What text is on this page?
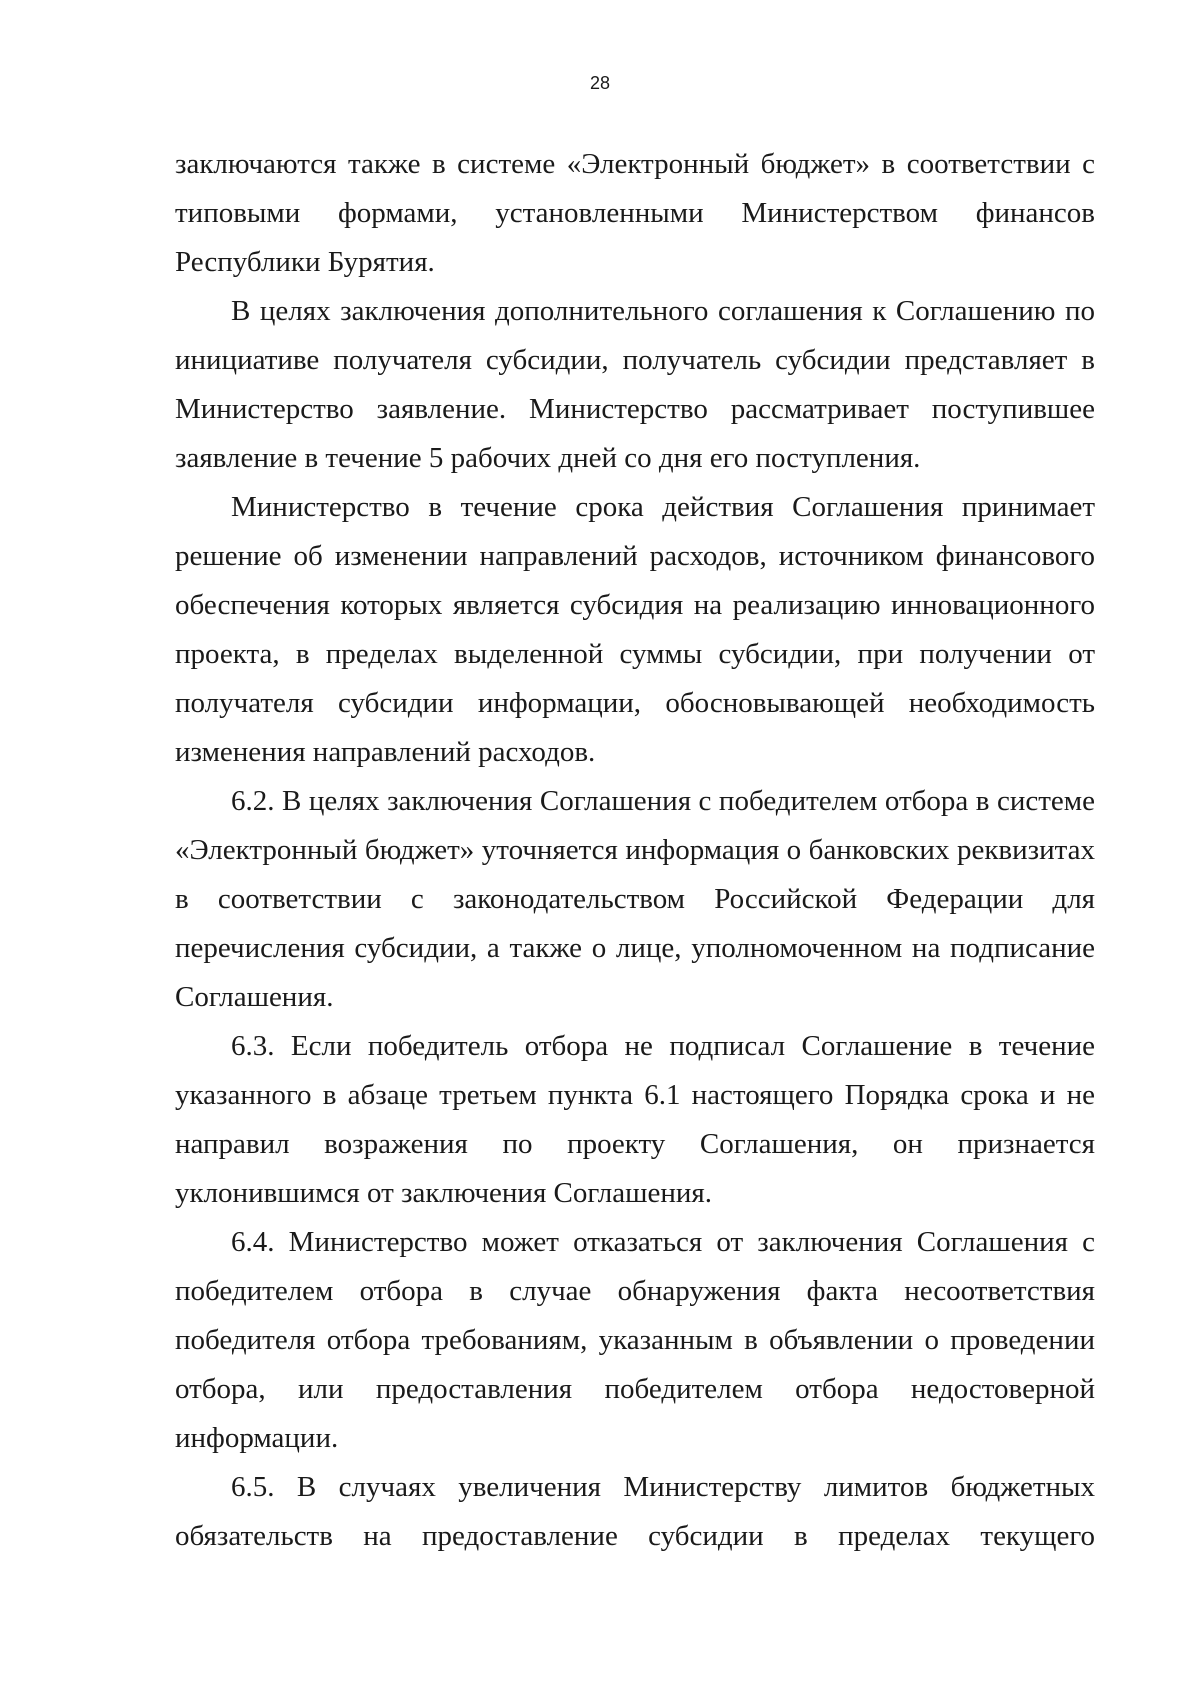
28

заключаются также в системе «Электронный бюджет» в соответствии с типовыми формами, установленными Министерством финансов Республики Бурятия.

В целях заключения дополнительного соглашения к Соглашению по инициативе получателя субсидии, получатель субсидии представляет в Министерство заявление. Министерство рассматривает поступившее заявление в течение 5 рабочих дней со дня его поступления.

Министерство в течение срока действия Соглашения принимает решение об изменении направлений расходов, источником финансового обеспечения которых является субсидия на реализацию инновационного проекта, в пределах выделенной суммы субсидии, при получении от получателя субсидии информации, обосновывающей необходимость изменения направлений расходов.

6.2. В целях заключения Соглашения с победителем отбора в системе «Электронный бюджет» уточняется информация о банковских реквизитах в соответствии с законодательством Российской Федерации для перечисления субсидии, а также о лице, уполномоченном на подписание Соглашения.

6.3. Если победитель отбора не подписал Соглашение в течение указанного в абзаце третьем пункта 6.1 настоящего Порядка срока и не направил возражения по проекту Соглашения, он признается уклонившимся от заключения Соглашения.

6.4. Министерство может отказаться от заключения Соглашения с победителем отбора в случае обнаружения факта несоответствия победителя отбора требованиям, указанным в объявлении о проведении отбора, или предоставления победителем отбора недостоверной информации.

6.5. В случаях увеличения Министерству лимитов бюджетных обязательств на предоставление субсидии в пределах текущего
